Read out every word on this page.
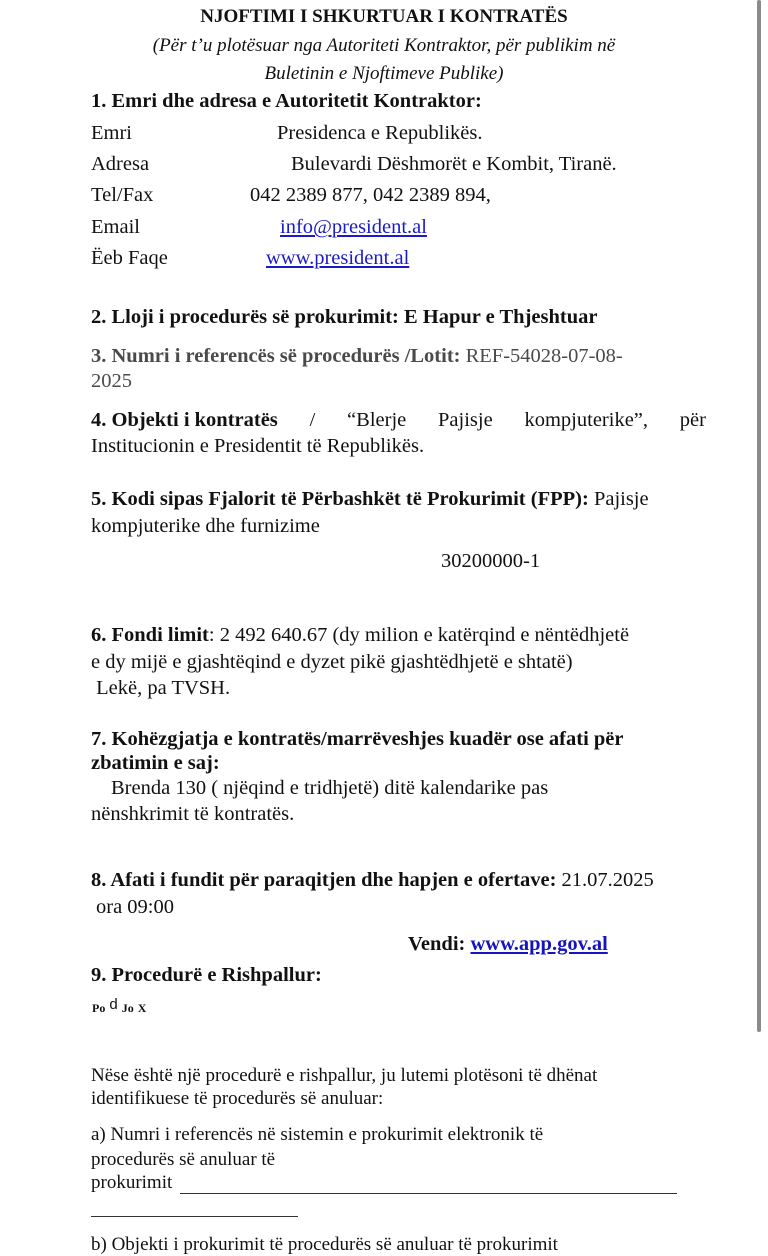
NJOFTIMI I SHKURTUAR I KONTRATËS
(Për t’u plotësuar nga Autoriteti Kontraktor, për publikim në
Buletinin e Njoftimeve Publike)
1. Emri dhe adresa e Autoritetit Kontraktor:
Emri	Presidenca e Republikës.
Adresa	Bulevardi Dëshmorët e Kombit, Tiranë.
Tel/Fax	042 2389 877, 042 2389 894,
Email	info@president.al
Ëeb Faqe	www.president.al
2. Lloji i procedurës së prokurimit: E Hapur e Thjeshtuar
3. Numri i referencës së procedurës /Lotit: REF-54028-07-08-
2025
4. Objekti i kontratës / “Blerje Pajisje kompjuterike”, për
Institucionin e Presidentit të Republikës.
5. Kodi sipas Fjalorit të Përbashkët të Prokurimit (FPP): Pajisje
kompjuterike dhe furnizime
30200000-1
6. Fondi limit: 2 492 640.67 (dy milion e katërqind e nëntëdhjetë
e dy mijë e gjashtëqind e dyzet pikë gjashtëdhjetë e shtatë)
Lekë, pa TVSH.
7. Kohëzgjatja e kontratës/marrëveshjes kuadër ose afati për
zbatimin e saj:
Brenda 130 ( njëqind e tridhjetë) ditë kalendarike pas
nënshkrimit të kontratës.
8. Afati i fundit për paraqitjen dhe hapjen e ofertave: 21.07.2025
ora 09:00
Vendi: www.app.gov.al
9. Procedurë e Rishpallur:
Po d Jo X
Nëse është një procedurë e rishpallur, ju lutemi plotësoni të dhënat
identifikuese të procedurës së anuluar:
a) Numri i referencës në sistemin e prokurimit elektronik të
procedurës së anuluar të
prokurimit
b) Objekti i prokurimit të procedurës së anuluar të prokurimit
